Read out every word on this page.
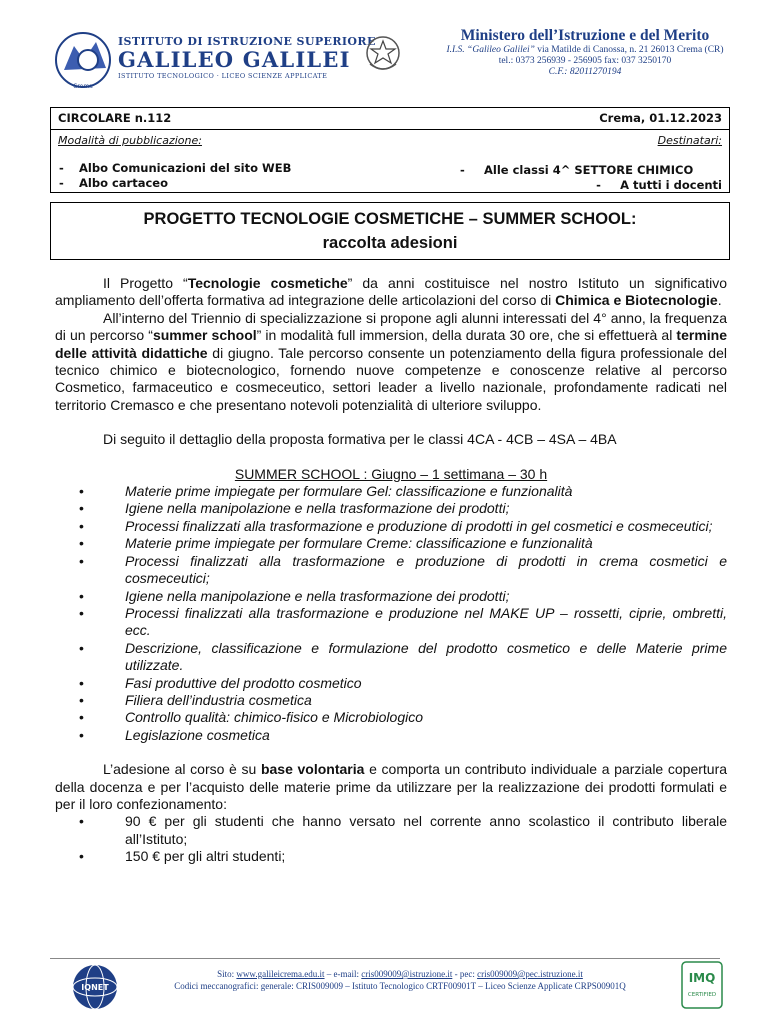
Crema
ISTITUTO DI ISTRUZIONE SUPERIORE
GALILEO GALILEI
ISTITUTO TECNOLOGICO · LICEO SCIENZE APPLICATE
Ministero dell’Istruzione e del Merito
I.I.S. “Galileo Galilei” via Matilde di Canossa, n. 21 26013 Crema (CR)
tel.: 0373 256939 - 256905 fax: 037 3250170
C.F.: 82011270194
CIRCOLARE n.112	Crema, 01.12.2023
Modalità di pubblicazione:	Destinatari:
- Albo Comunicazioni del sito WEB
- Albo cartaceo
- Alle classi 4^ SETTORE CHIMICO
- A tutti i docenti
PROGETTO TECNOLOGIE COSMETICHE – SUMMER SCHOOL:
raccolta adesioni

Il Progetto “Tecnologie cosmetiche” da anni costituisce nel nostro Istituto un significativo ampliamento dell’offerta formativa ad integrazione delle articolazioni del corso di Chimica e Biotecnologie.

All’interno del Triennio di specializzazione si propone agli alunni interessati del 4° anno, la frequenza di un percorso “summer school” in modalità full immersion, della durata 30 ore, che si effettuerà al termine delle attività didattiche di giugno. Tale percorso consente un potenziamento della figura professionale del tecnico chimico e biotecnologico, fornendo nuove competenze e conoscenze relative al percorso Cosmetico, farmaceutico e cosmeceutico, settori leader a livello nazionale, profondamente radicati nel territorio Cremasco e che presentano notevoli potenzialità di ulteriore sviluppo.

Di seguito il dettaglio della proposta formativa per le classi 4CA - 4CB – 4SA – 4BA

SUMMER SCHOOL : Giugno – 1 settimana – 30 h

• Materie prime impiegate per formulare Gel: classificazione e funzionalità
• Igiene nella manipolazione e nella trasformazione dei prodotti;
• Processi finalizzati alla trasformazione e produzione di prodotti in gel cosmetici e cosmeceutici;
• Materie prime impiegate per formulare Creme: classificazione e funzionalità
• Processi finalizzati alla trasformazione e produzione di prodotti in crema cosmetici e cosmeceutici;
• Igiene nella manipolazione e nella trasformazione dei prodotti;
• Processi finalizzati alla trasformazione e produzione nel MAKE UP – rossetti, ciprie, ombretti, ecc.
• Descrizione, classificazione e formulazione del prodotto cosmetico e delle Materie prime utilizzate.
• Fasi produttive del prodotto cosmetico
• Filiera dell’industria cosmetica
• Controllo qualità: chimico-fisico e Microbiologico
• Legislazione cosmetica

L’adesione al corso è su base volontaria e comporta un contributo individuale a parziale copertura della docenza e per l’acquisto delle materie prime da utilizzare per la realizzazione dei prodotti formulati e per il loro confezionamento:

• 90 € per gli studenti che hanno versato nel corrente anno scolastico il contributo liberale all’Istituto;
• 150 € per gli altri studenti;
IQNET
Sito: www.galileicrema.edu.it – e-mail: cris009009@istruzione.it - pec: cris009009@pec.istruzione.it
Codici meccanografici: generale: CRIS009009 – Istituto Tecnologico CRTF00901T – Liceo Scienze Applicate CRPS00901Q
IMQ
CERTIFIED
